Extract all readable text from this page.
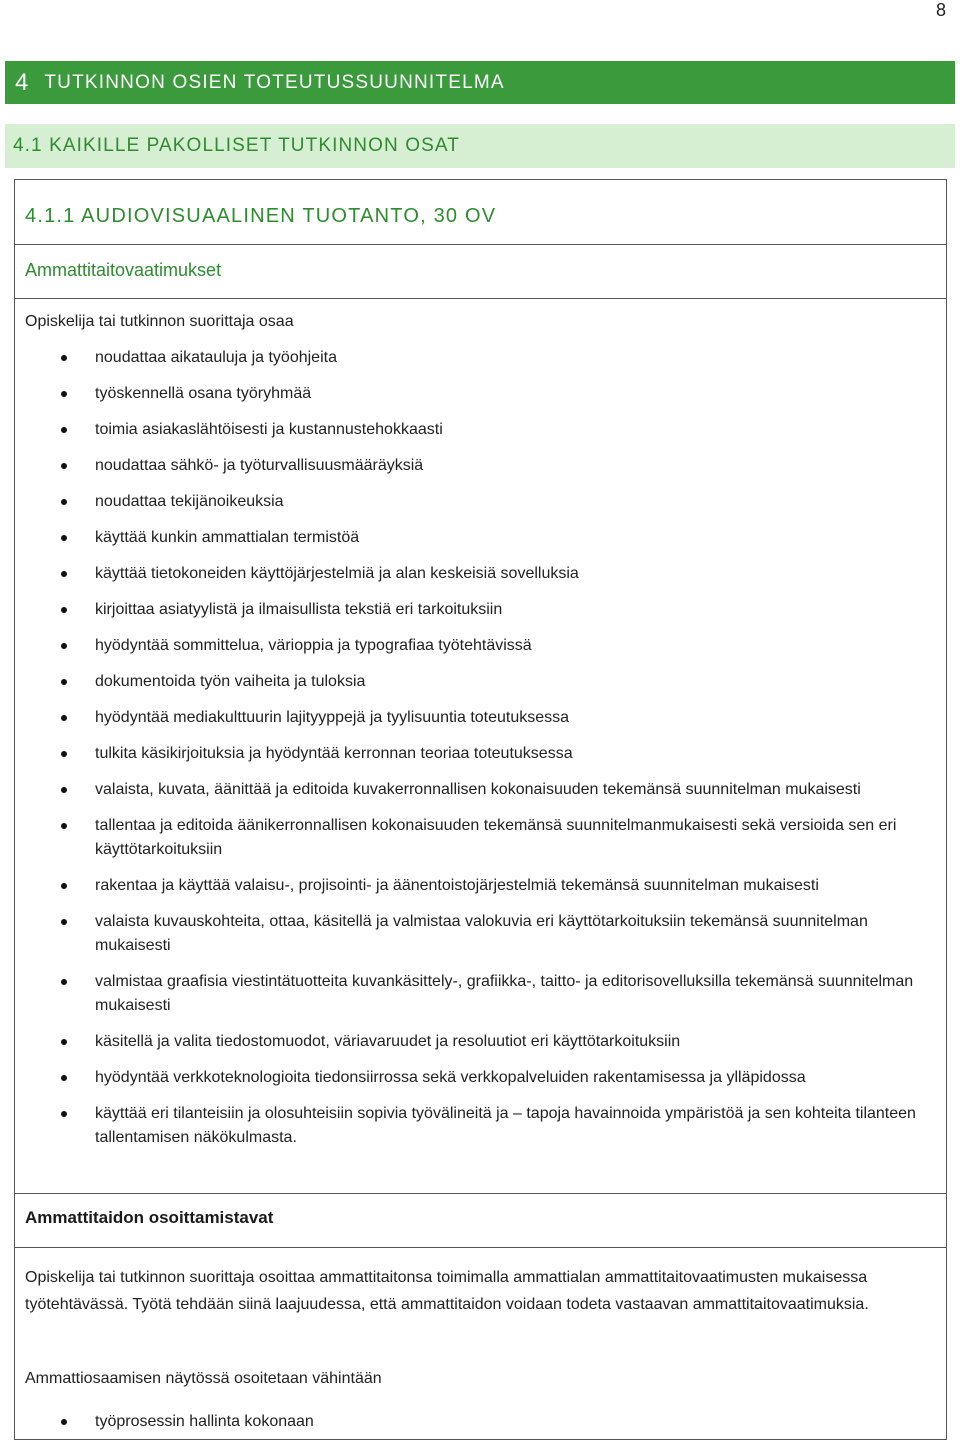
8
4 TUTKINNON OSIEN TOTEUTUSSUUNNITELMA
4.1 KAIKILLE PAKOLLISET TUTKINNON OSAT
4.1.1 AUDIOVISUAALINEN TUOTANTO, 30 OV
Ammattitaitovaatimukset
Opiskelija tai tutkinnon suorittaja osaa
noudattaa aikatauluja ja työohjeita
työskennellä osana työryhmää
toimia asiakaslähtöisesti ja kustannustehokkaasti
noudattaa sähkö- ja työturvallisuusmääräyksiä
noudattaa tekijänoikeuksia
käyttää kunkin ammattialan termistöä
käyttää tietokoneiden käyttöjärjestelmiä ja alan keskeisiä sovelluksia
kirjoittaa asiatyylistä ja ilmaisullista tekstiä eri tarkoituksiin
hyödyntää sommittelua, värioppia ja typografiaa työtehtävissä
dokumentoida työn vaiheita ja tuloksia
hyödyntää mediakulttuurin lajityyppejä ja tyylisuuntia toteutuksessa
tulkita käsikirjoituksia ja hyödyntää kerronnan teoriaa toteutuksessa
valaista, kuvata, äänittää ja editoida kuvakerronnallisen kokonaisuuden tekemänsä suunnitelman mukaisesti
tallentaa ja editoida äänikerronnallisen kokonaisuuden tekemänsä suunnitelmanmukaisesti sekä versioida sen eri käyttötarkoituksiin
rakentaa ja käyttää valaisu-, projisointi- ja äänentoistojärjestelmiä tekemänsä suunnitelman mukaisesti
valaista kuvauskohteita, ottaa, käsitellä ja valmistaa valokuvia eri käyttötarkoituksiin tekemänsä suunnitelman mukaisesti
valmistaa graafisia viestintätuotteita kuvankäsittely-, grafiikka-, taitto- ja editorisovelluksilla tekemänsä suunnitelman mukaisesti
käsitellä ja valita tiedostomuodot, väriavaruudet ja resoluutiot eri käyttötarkoituksiin
hyödyntää verkkoteknologioita tiedonsiirrossa sekä verkkopalveluiden rakentamisessa ja ylläpidossa
käyttää eri tilanteisiin ja olosuhteisiin sopivia työvälineitä ja – tapoja havainnoida ympäristöä ja sen kohteita tilanteen tallentamisen näkökulmasta.
Ammattitaidon osoittamistavat
Opiskelija tai tutkinnon suorittaja osoittaa ammattitaitonsa toimimalla ammattialan ammattitaitovaatimusten mukaisessa työtehtävässä. Työtä tehdään siinä laajuudessa, että ammattitaidon voidaan todeta vastaavan ammattitaitovaatimuksia.
Ammattiosaamisen näytössä osoitetaan vähintään
työprosessin hallinta kokonaan
